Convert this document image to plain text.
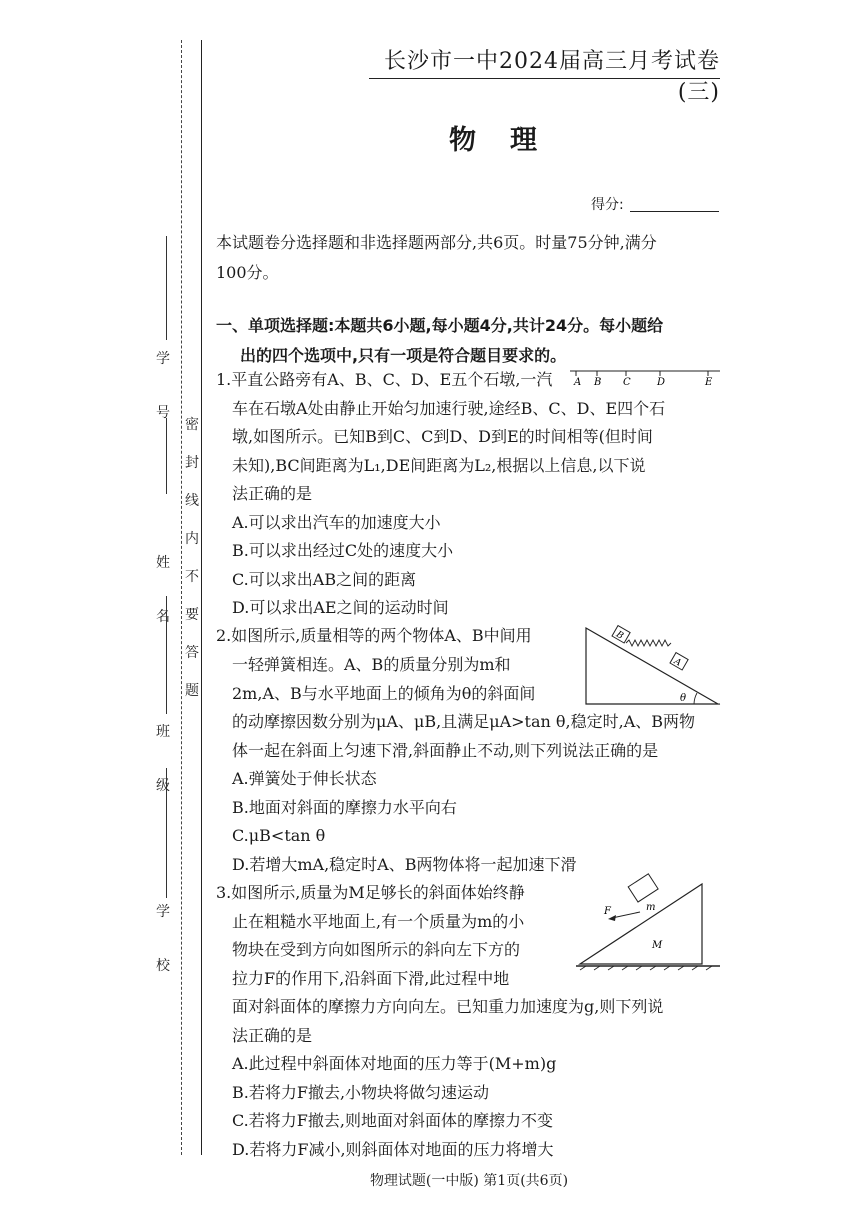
学
号
姓
名
班
级
学
校
密
封
线
内
不
要
答
题
长沙市一中2024届高三月考试卷(三)
物理
得分:
本试题卷分选择题和非选择题两部分,共6页。时量75分钟,满分
100分。
一、单项选择题:本题共6小题,每小题4分,共计24分。每小题给
出的四个选项中,只有一项是符合题目要求的。
1.平直公路旁有A、B、C、D、E五个石墩,一汽
车在石墩A处由静止开始匀加速行驶,途经B、C、D、E四个石
墩,如图所示。已知B到C、C到D、D到E的时间相等(但时间
未知),BC间距离为L₁,DE间距离为L₂,根据以上信息,以下说
法正确的是
A.可以求出汽车的加速度大小
B.可以求出经过C处的速度大小
C.可以求出AB之间的距离
D.可以求出AE之间的运动时间
A B C	D	E
2.如图所示,质量相等的两个物体A、B中间用
一轻弹簧相连。A、B的质量分别为m和
2m,A、B与水平地面上的倾角为θ的斜面间
的动摩擦因数分别为μA、μB,且满足μA>tan θ,稳定时,A、B两物
体一起在斜面上匀速下滑,斜面静止不动,则下列说法正确的是
A.弹簧处于伸长状态
B.地面对斜面的摩擦力水平向右
C.μB<tan θ
D.若增大mA,稳定时A、B两物体将一起加速下滑
B
A
θ
3.如图所示,质量为M足够长的斜面体始终静
止在粗糙水平地面上,有一个质量为m的小
物块在受到方向如图所示的斜向左下方的
拉力F的作用下,沿斜面下滑,此过程中地
面对斜面体的摩擦力方向向左。已知重力加速度为g,则下列说
法正确的是
A.此过程中斜面体对地面的压力等于(M+m)g
B.若将力F撤去,小物块将做匀速运动
C.若将力F撤去,则地面对斜面体的摩擦力不变
D.若将力F减小,则斜面体对地面的压力将增大
m
F
M
物理试题(一中版) 第1页(共6页)
